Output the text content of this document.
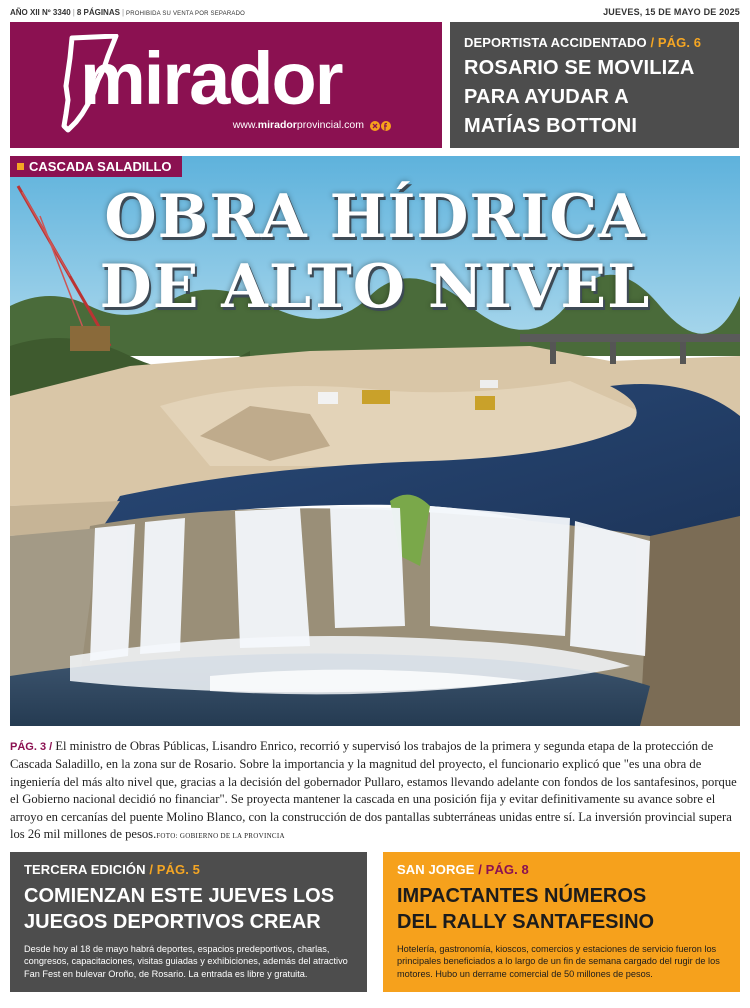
AÑO XII Nº 3340 | 8 PÁGINAS | PROHIBIDA SU VENTA POR SEPARADO	JUEVES, 15 DE MAYO DE 2025
mirador
www.miradorprovincial.com
DEPORTISTA ACCIDENTADO / PÁG. 6
ROSARIO SE MOVILIZA
PARA AYUDAR A
MATÍAS BOTTONI
CASCADA SALADILLO
OBRA HÍDRICA
DE ALTO NIVEL
PÁG. 3 / El ministro de Obras Públicas, Lisandro Enrico, recorrió y supervisó los trabajos de la primera y segunda etapa de la protección de Cascada Saladillo, en la zona sur de Rosario. Sobre la importancia y la magnitud del proyecto, el funcionario explicó que "es una obra de ingeniería del más alto nivel que, gracias a la decisión del gobernador Pullaro, estamos llevando adelante con fondos de los santafesinos, porque el Gobierno nacional decidió no financiar". Se proyecta mantener la cascada en una posición fija y evitar definitivamente su avance sobre el arroyo en cercanías del puente Molino Blanco, con la construcción de dos pantallas subterráneas unidas entre sí. La inversión provincial supera los 26 mil millones de pesos.FOTO: GOBIERNO DE LA PROVINCIA
TERCERA EDICIÓN / PÁG. 5
COMIENZAN ESTE JUEVES LOS
JUEGOS DEPORTIVOS CREAR
Desde hoy al 18 de mayo habrá deportes, espacios predeportivos, charlas, congresos, capacitaciones, visitas guiadas y exhibiciones, además del atractivo Fan Fest en bulevar Oroño, de Rosario. La entrada es libre y gratuita.
SAN JORGE / PÁG. 8
IMPACTANTES NÚMEROS
DEL RALLY SANTAFESINO
Hotelería, gastronomía, kioscos, comercios y estaciones de servicio fueron los principales beneficiados a lo largo de un fin de semana cargado del rugir de los motores. Hubo un derrame comercial de 50 millones de pesos.
